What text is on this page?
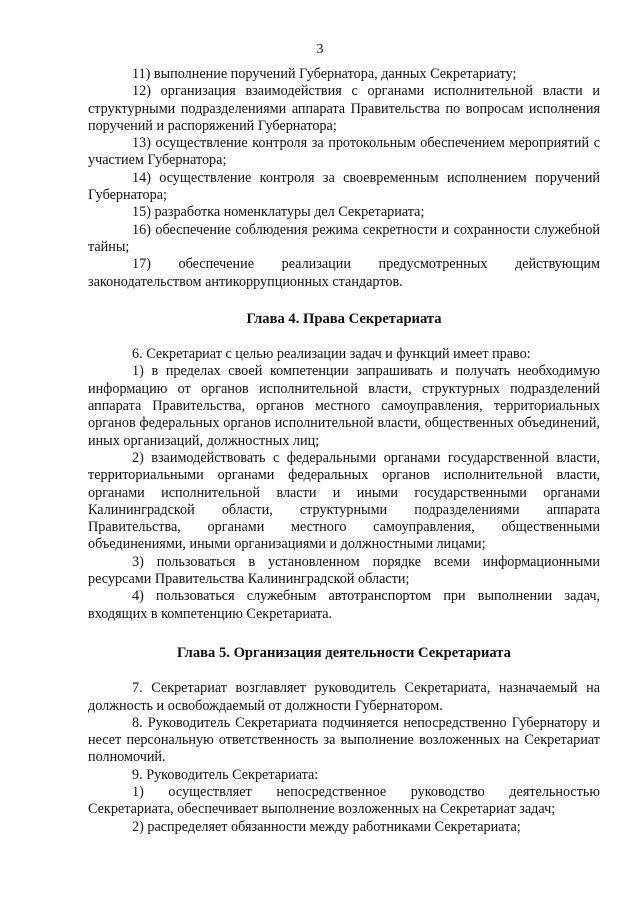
3

11) выполнение поручений Губернатора, данных Секретариату;

12) организация взаимодействия с органами исполнительной власти и структурными подразделениями аппарата Правительства по вопросам исполнения поручений и распоряжений Губернатора;

13) осуществление контроля за протокольным обеспечением мероприятий с участием Губернатора;

14) осуществление контроля за своевременным исполнением поручений Губернатора;

15) разработка номенклатуры дел Секретариата;

16) обеспечение соблюдения режима секретности и сохранности служебной тайны;

17) обеспечение реализации предусмотренных действующим законодательством антикоррупционных стандартов.

Глава 4. Права Секретариата

6. Секретариат с целью реализации задач и функций имеет право:

1) в пределах своей компетенции запрашивать и получать необходимую информацию от органов исполнительной власти, структурных подразделений аппарата Правительства, органов местного самоуправления, территориальных органов федеральных органов исполнительной власти, общественных объединений, иных организаций, должностных лиц;

2) взаимодействовать с федеральными органами государственной власти, территориальными органами федеральных органов исполнительной власти, органами исполнительной власти и иными государственными органами Калининградской области, структурными подразделениями аппарата Правительства, органами местного самоуправления, общественными объединениями, иными организациями и должностными лицами;

3) пользоваться в установленном порядке всеми информационными ресурсами Правительства Калининградской области;

4) пользоваться служебным автотранспортом при выполнении задач, входящих в компетенцию Секретариата.

Глава 5. Организация деятельности Секретариата

7. Секретариат возглавляет руководитель Секретариата, назначаемый на должность и освобождаемый от должности Губернатором.

8. Руководитель Секретариата подчиняется непосредственно Губернатору и несет персональную ответственность за выполнение возложенных на Секретариат полномочий.

9. Руководитель Секретариата:

1) осуществляет непосредственное руководство деятельностью Секретариата, обеспечивает выполнение возложенных на Секретариат задач;

2) распределяет обязанности между работниками Секретариата;
